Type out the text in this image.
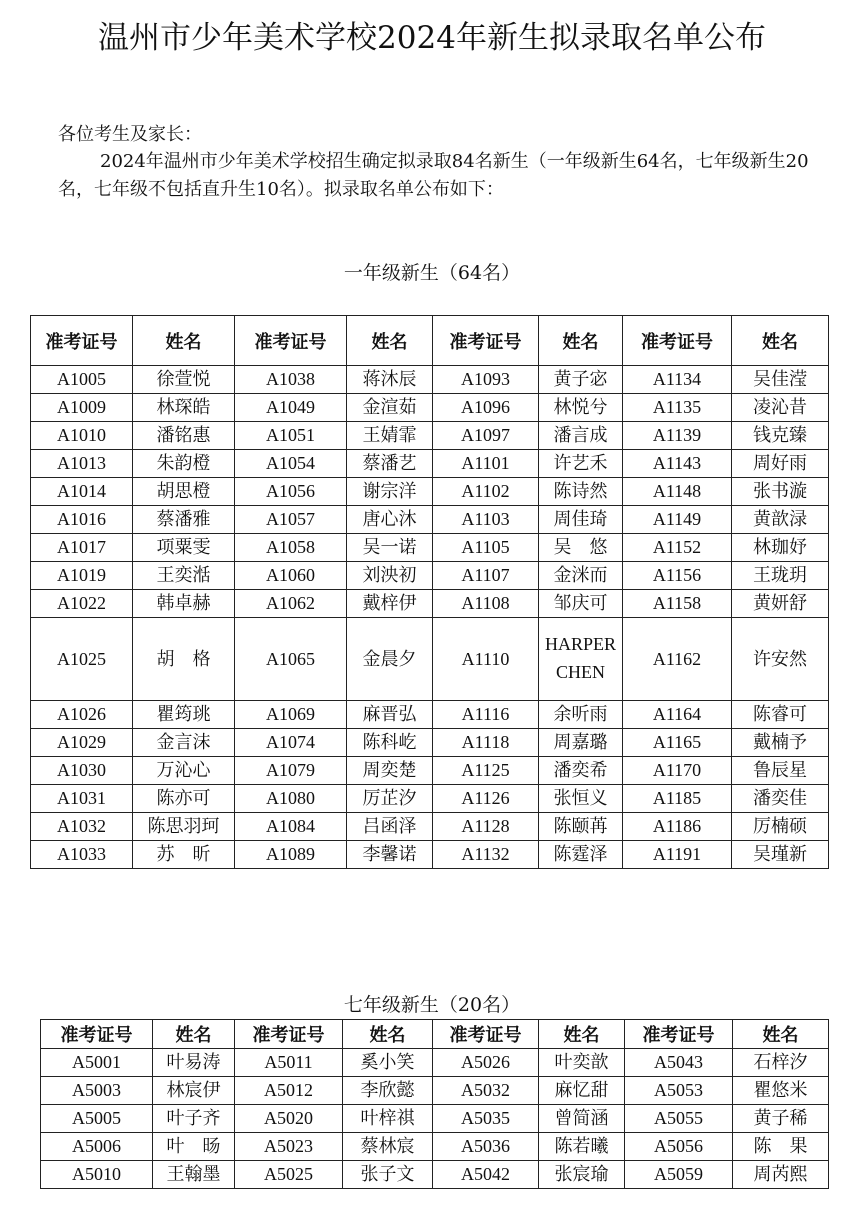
温州市少年美术学校2024年新生拟录取名单公布
各位考生及家长：
2024年温州市少年美术学校招生确定拟录取84名新生（一年级新生64名，七年级新生20名，七年级不包括直升生10名）。拟录取名单公布如下：
一年级新生（64名）
准考证号	姓名	准考证号	姓名	准考证号	姓名	准考证号	姓名
A1005	徐萱悦	A1038	蒋沐辰	A1093	黄子宓	A1134	吴佳滢
A1009	林琛皓	A1049	金渲茹	A1096	林悦兮	A1135	凌沁昔
A1010	潘铭惠	A1051	王婧霏	A1097	潘言成	A1139	钱克臻
A1013	朱韵橙	A1054	蔡潘艺	A1101	许艺禾	A1143	周好雨
A1014	胡思橙	A1056	谢宗洋	A1102	陈诗然	A1148	张书漩
A1016	蔡潘雅	A1057	唐心沐	A1103	周佳琦	A1149	黄歆渌
A1017	项粟雯	A1058	吴一诺	A1105	吴　悠	A1152	林珈妤
A1019	王奕湉	A1060	刘泱初	A1107	金洣而	A1156	王珑玥
A1022	韩卓赫	A1062	戴梓伊	A1108	邹庆可	A1158	黄妍舒
A1025	胡　格	A1065	金晨夕	A1110	HARPER CHEN	A1162	许安然
A1026	瞿筠珧	A1069	麻晋弘	A1116	余听雨	A1164	陈睿可
A1029	金言沫	A1074	陈科屹	A1118	周嘉璐	A1165	戴楠予
A1030	万沁心	A1079	周奕楚	A1125	潘奕希	A1170	鲁辰星
A1031	陈亦可	A1080	厉芷汐	A1126	张恒义	A1185	潘奕佳
A1032	陈思羽珂	A1084	吕函泽	A1128	陈颐苒	A1186	厉楠硕
A1033	苏　昕	A1089	李馨诺	A1132	陈霆泽	A1191	吴瑾新
七年级新生（20名）
准考证号	姓名	准考证号	姓名	准考证号	姓名	准考证号	姓名
A5001	叶易涛	A5011	奚小笑	A5026	叶奕歆	A5043	石梓汐
A5003	林宸伊	A5012	李欣懿	A5032	麻忆甜	A5053	瞿悠米
A5005	叶子齐	A5020	叶梓祺	A5035	曾简涵	A5055	黄子稀
A5006	叶　旸	A5023	蔡林宸	A5036	陈若曦	A5056	陈　果
A5010	王翰墨	A5025	张子文	A5042	张宸瑜	A5059	周芮熙
